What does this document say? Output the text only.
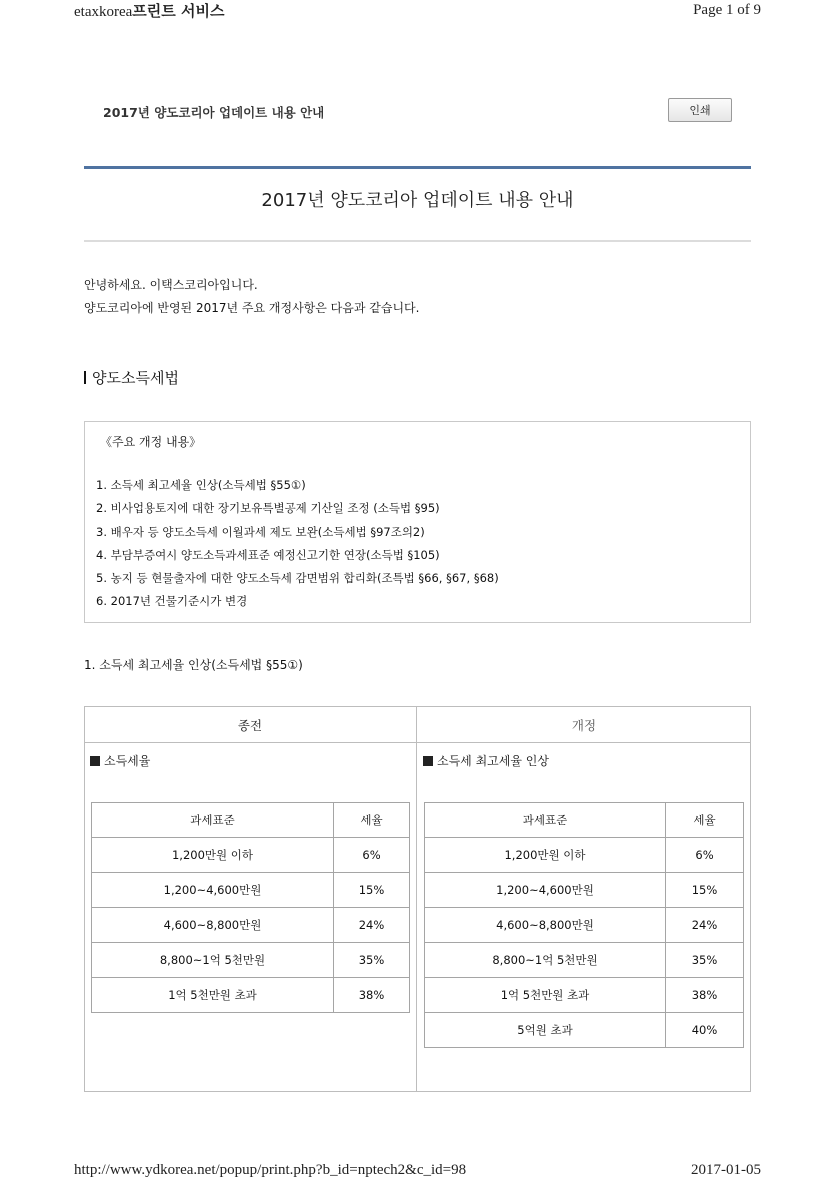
etaxkorea프린트 서비스	Page 1 of 9
http://www.ydkorea.net/popup/print.php?b_id=nptech2&c_id=98	2017-01-05
2017년 양도코리아 업데이트 내용 안내	인쇄
2017년 양도코리아 업데이트 내용 안내
안녕하세요. 이택스코리아입니다.
양도코리아에 반영된 2017년 주요 개정사항은 다음과 같습니다.
양도소득세법
《주요 개정 내용》
1. 소득세 최고세율 인상(소득세법 §55①)
2. 비사업용토지에 대한 장기보유특별공제 기산일 조정 (소득법 §95)
3. 배우자 등 양도소득세 이월과세 제도 보완(소득세법 §97조의2)
4. 부담부증여시 양도소득과세표준 예정신고기한 연장(소득법 §105)
5. 농지 등 현물출자에 대한 양도소득세 감면범위 합리화(조특법 §66, §67, §68)
6. 2017년 건물기준시가 변경
1. 소득세 최고세율 인상(소득세법 §55①)
종전	개정
소득세율	소득세 최고세율 인상
과세표준	세율
1,200만원 이하	6%
1,200~4,600만원	15%
4,600~8,800만원	24%
8,800~1억 5천만원	35%
1억 5천만원 초과	38%
과세표준	세율
1,200만원 이하	6%
1,200~4,600만원	15%
4,600~8,800만원	24%
8,800~1억 5천만원	35%
1억 5천만원 초과	38%
5억원 초과	40%
